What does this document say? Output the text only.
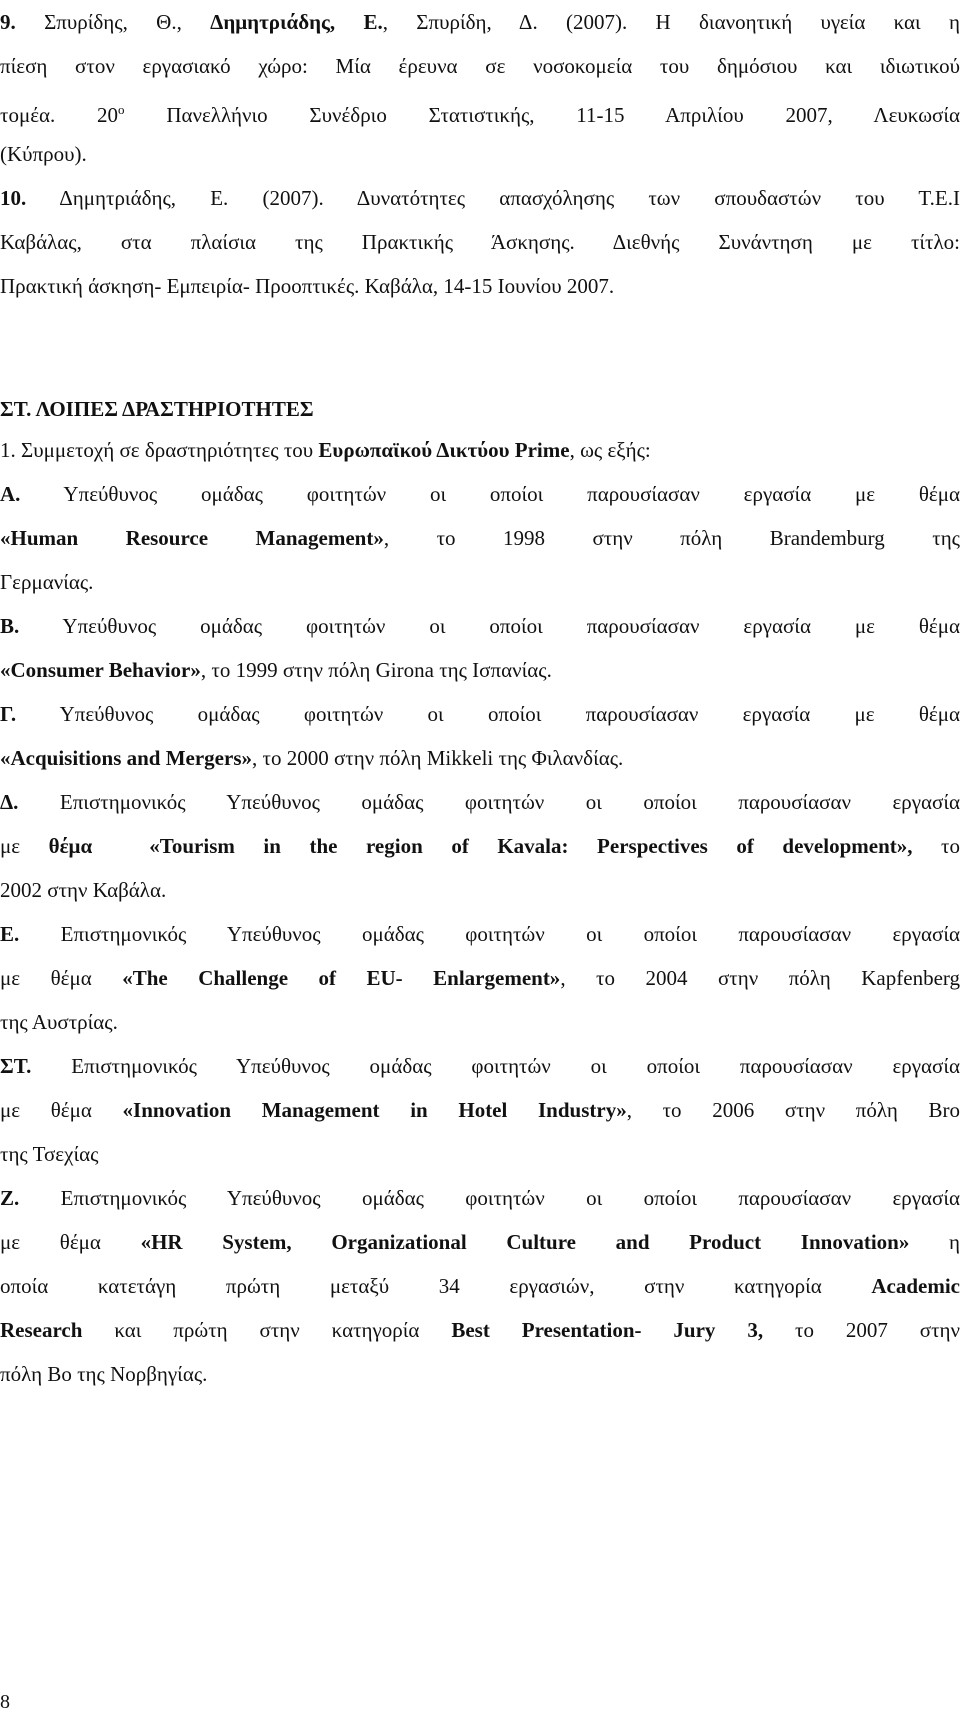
9. Σπυρίδης, Θ., Δημητριάδης, Ε., Σπυρίδη, Δ. (2007). Η διανοητική υγεία και η
πίεση στον εργασιακό χώρο: Μία έρευνα σε νοσοκομεία του δημόσιου και ιδιωτικού
τομέα. $20^o$ Πανελλήνιο Συνέδριο Στατιστικής, 11-15 Απριλίου 2007, Λευκωσία
(Κύπρου).
10. Δημητριάδης, Ε. (2007). Δυνατότητες απασχόλησης των σπουδαστών του Τ.Ε.Ι
Καβάλας, στα πλαίσια της Πρακτικής Άσκησης. Διεθνής Συνάντηση με τίτλο:
Πρακτική άσκηση- Εμπειρία- Προοπτικές. Καβάλα, 14-15 Ιουνίου 2007.
ΣΤ. ΛΟΙΠΕΣ ΔΡΑΣΤΗΡΙΟΤΗΤΕΣ
1. Συμμετοχή σε δραστηριότητες του Ευρωπαϊκού Δικτύου Prime, ως εξής:
Α. Υπεύθυνος ομάδας φοιτητών οι οποίοι παρουσίασαν εργασία με θέμα
«Human Resource Management», το 1998 στην πόλη Brandemburg της
Γερμανίας.
Β. Υπεύθυνος ομάδας φοιτητών οι οποίοι παρουσίασαν εργασία με θέμα
«Consumer Behavior», το 1999 στην πόλη Girona της Ισπανίας.
Γ. Υπεύθυνος ομάδας φοιτητών οι οποίοι παρουσίασαν εργασία με θέμα
«Acquisitions and Mergers», το 2000 στην πόλη Mikkeli της Φιλανδίας.
Δ. Επιστημονικός Υπεύθυνος ομάδας φοιτητών οι οποίοι παρουσίασαν εργασία
με θέμα  «Tourism in the region of Kavala: Perspectives of development», το
2002 στην Καβάλα.
Ε. Επιστημονικός Υπεύθυνος ομάδας φοιτητών οι οποίοι παρουσίασαν εργασία
με θέμα «The Challenge of EU- Enlargement», το 2004 στην πόλη Kapfenberg
της Αυστρίας.
ΣΤ. Επιστημονικός Υπεύθυνος ομάδας φοιτητών οι οποίοι παρουσίασαν εργασία
με θέμα «Innovation Management in Hotel Industry», το 2006 στην πόλη Bro
της Τσεχίας
Ζ. Επιστημονικός Υπεύθυνος ομάδας φοιτητών οι οποίοι παρουσίασαν εργασία
με θέμα «HR System, Organizational Culture and Product Innovation» η
οποία κατετάγη πρώτη μεταξύ 34 εργασιών, στην κατηγορία Academic
Research και πρώτη στην κατηγορία Best Presentation- Jury 3, το 2007 στην
πόλη Bo της Νορβηγίας.
8
